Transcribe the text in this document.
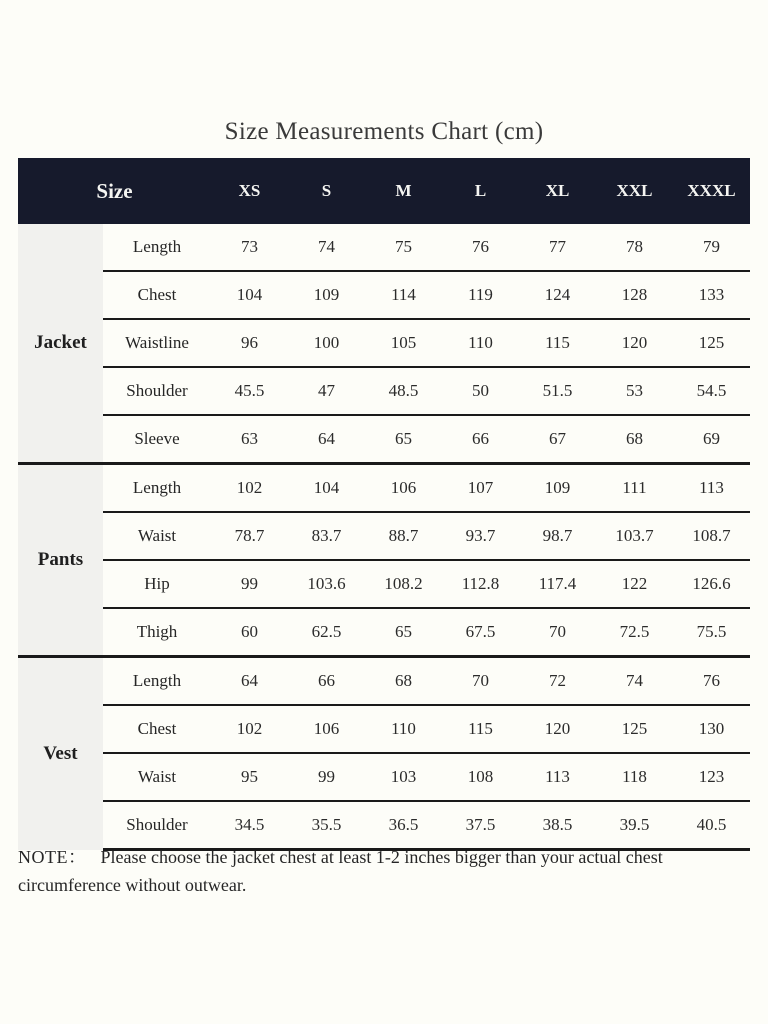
Size Measurements Chart (cm)
Size		XS	S	M	L	XL	XXL	XXXL
Jacket	Length	73	74	75	76	77	78	79
	Chest	104	109	114	119	124	128	133
	Waistline	96	100	105	110	115	120	125
	Shoulder	45.5	47	48.5	50	51.5	53	54.5
	Sleeve	63	64	65	66	67	68	69
Pants	Length	102	104	106	107	109	111	113
	Waist	78.7	83.7	88.7	93.7	98.7	103.7	108.7
	Hip	99	103.6	108.2	112.8	117.4	122	126.6
	Thigh	60	62.5	65	67.5	70	72.5	75.5
Vest	Length	64	66	68	70	72	74	76
	Chest	102	106	110	115	120	125	130
	Waist	95	99	103	108	113	118	123
	Shoulder	34.5	35.5	36.5	37.5	38.5	39.5	40.5
NOTE： Please choose the jacket chest at least 1-2 inches bigger than your actual chest circumference without outwear.
